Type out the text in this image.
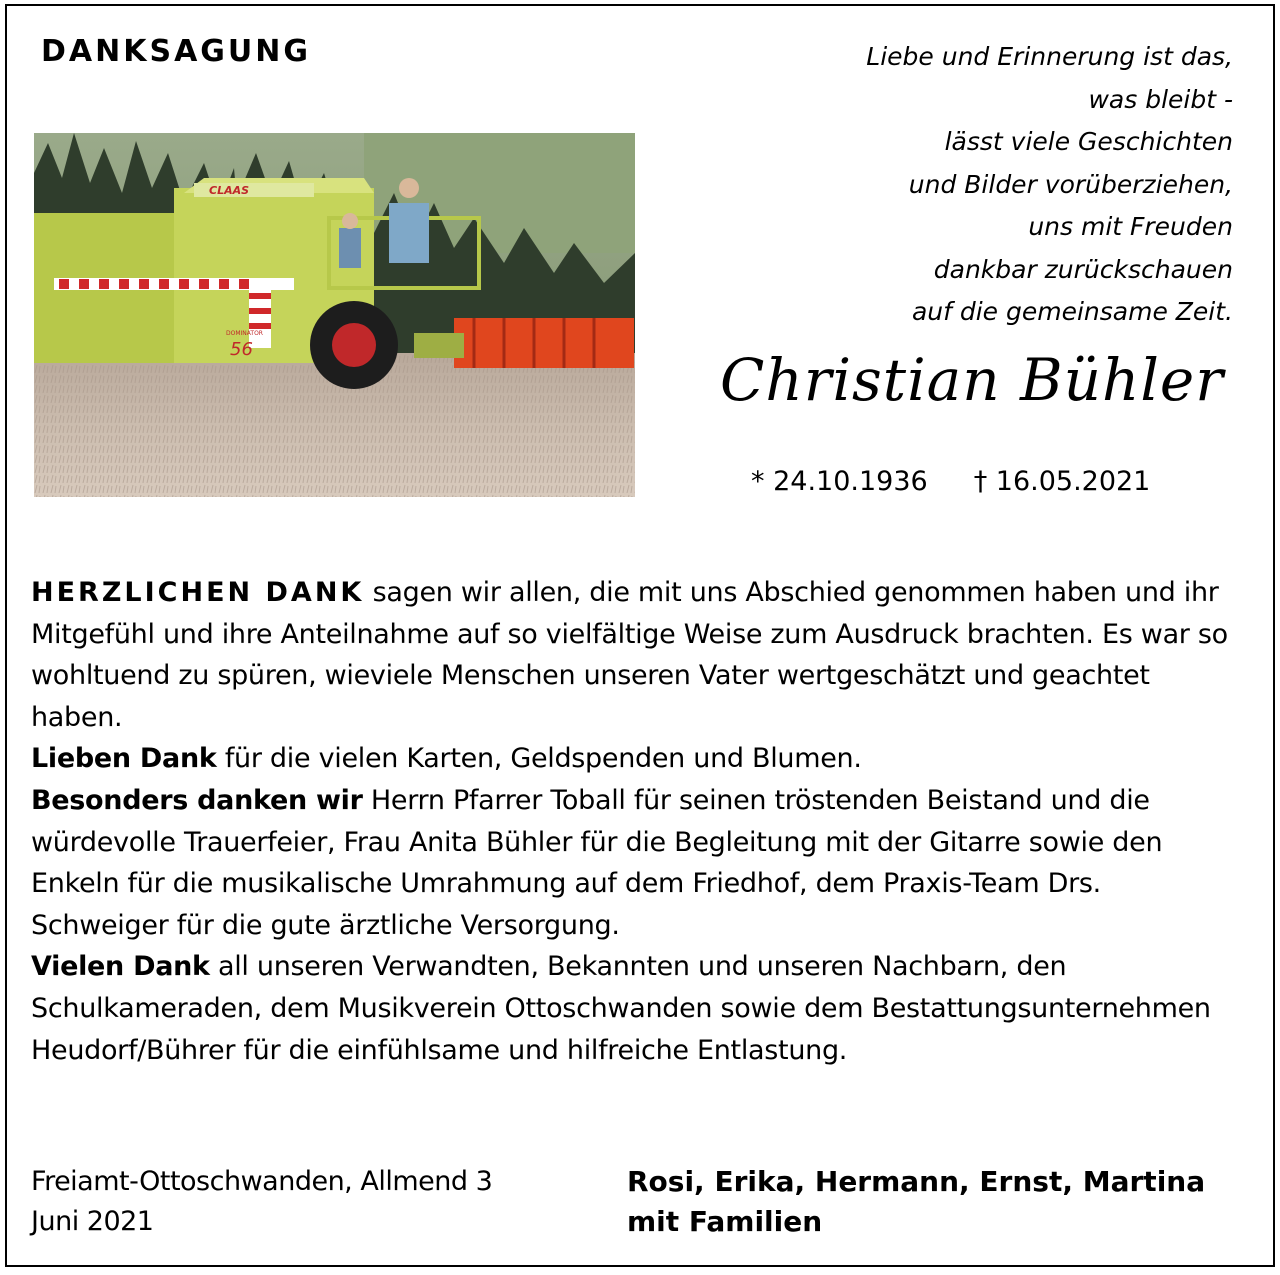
DANKSAGUNG	Liebe und Erinnerung ist das,
was bleibt -
lässt viele Geschichten
und Bilder vorüberziehen,
uns mit Freuden
dankbar zurückschauen
auf die gemeinsame Zeit.
CLAAS
56
DOMINATOR
Christian Bühler
* 24.10.1936 † 16.05.2021

HERZLICHEN DANK sagen wir allen, die mit uns Abschied genommen haben und ihr Mitgefühl und ihre Anteilnahme auf so vielfältige Weise zum Ausdruck brachten. Es war so wohltuend zu spüren, wieviele Menschen unseren Vater wertgeschätzt und geachtet haben.

Lieben Dank für die vielen Karten, Geldspenden und Blumen.

Besonders danken wir Herrn Pfarrer Toball für seinen tröstenden Beistand und die würdevolle Trauerfeier, Frau Anita Bühler für die Begleitung mit der Gitarre sowie den Enkeln für die musikalische Umrahmung auf dem Friedhof, dem Praxis-Team Drs. Schweiger für die gute ärztliche Versorgung.

Vielen Dank all unseren Verwandten, Bekannten und unseren Nachbarn, den Schulkameraden, dem Musikverein Ottoschwanden sowie dem Bestattungsunternehmen Heudorf/Bührer für die einfühlsame und hilfreiche Entlastung.

Freiamt-Ottoschwanden, Allmend 3
Juni 2021
Rosi, Erika, Hermann, Ernst, Martina
mit Familien
